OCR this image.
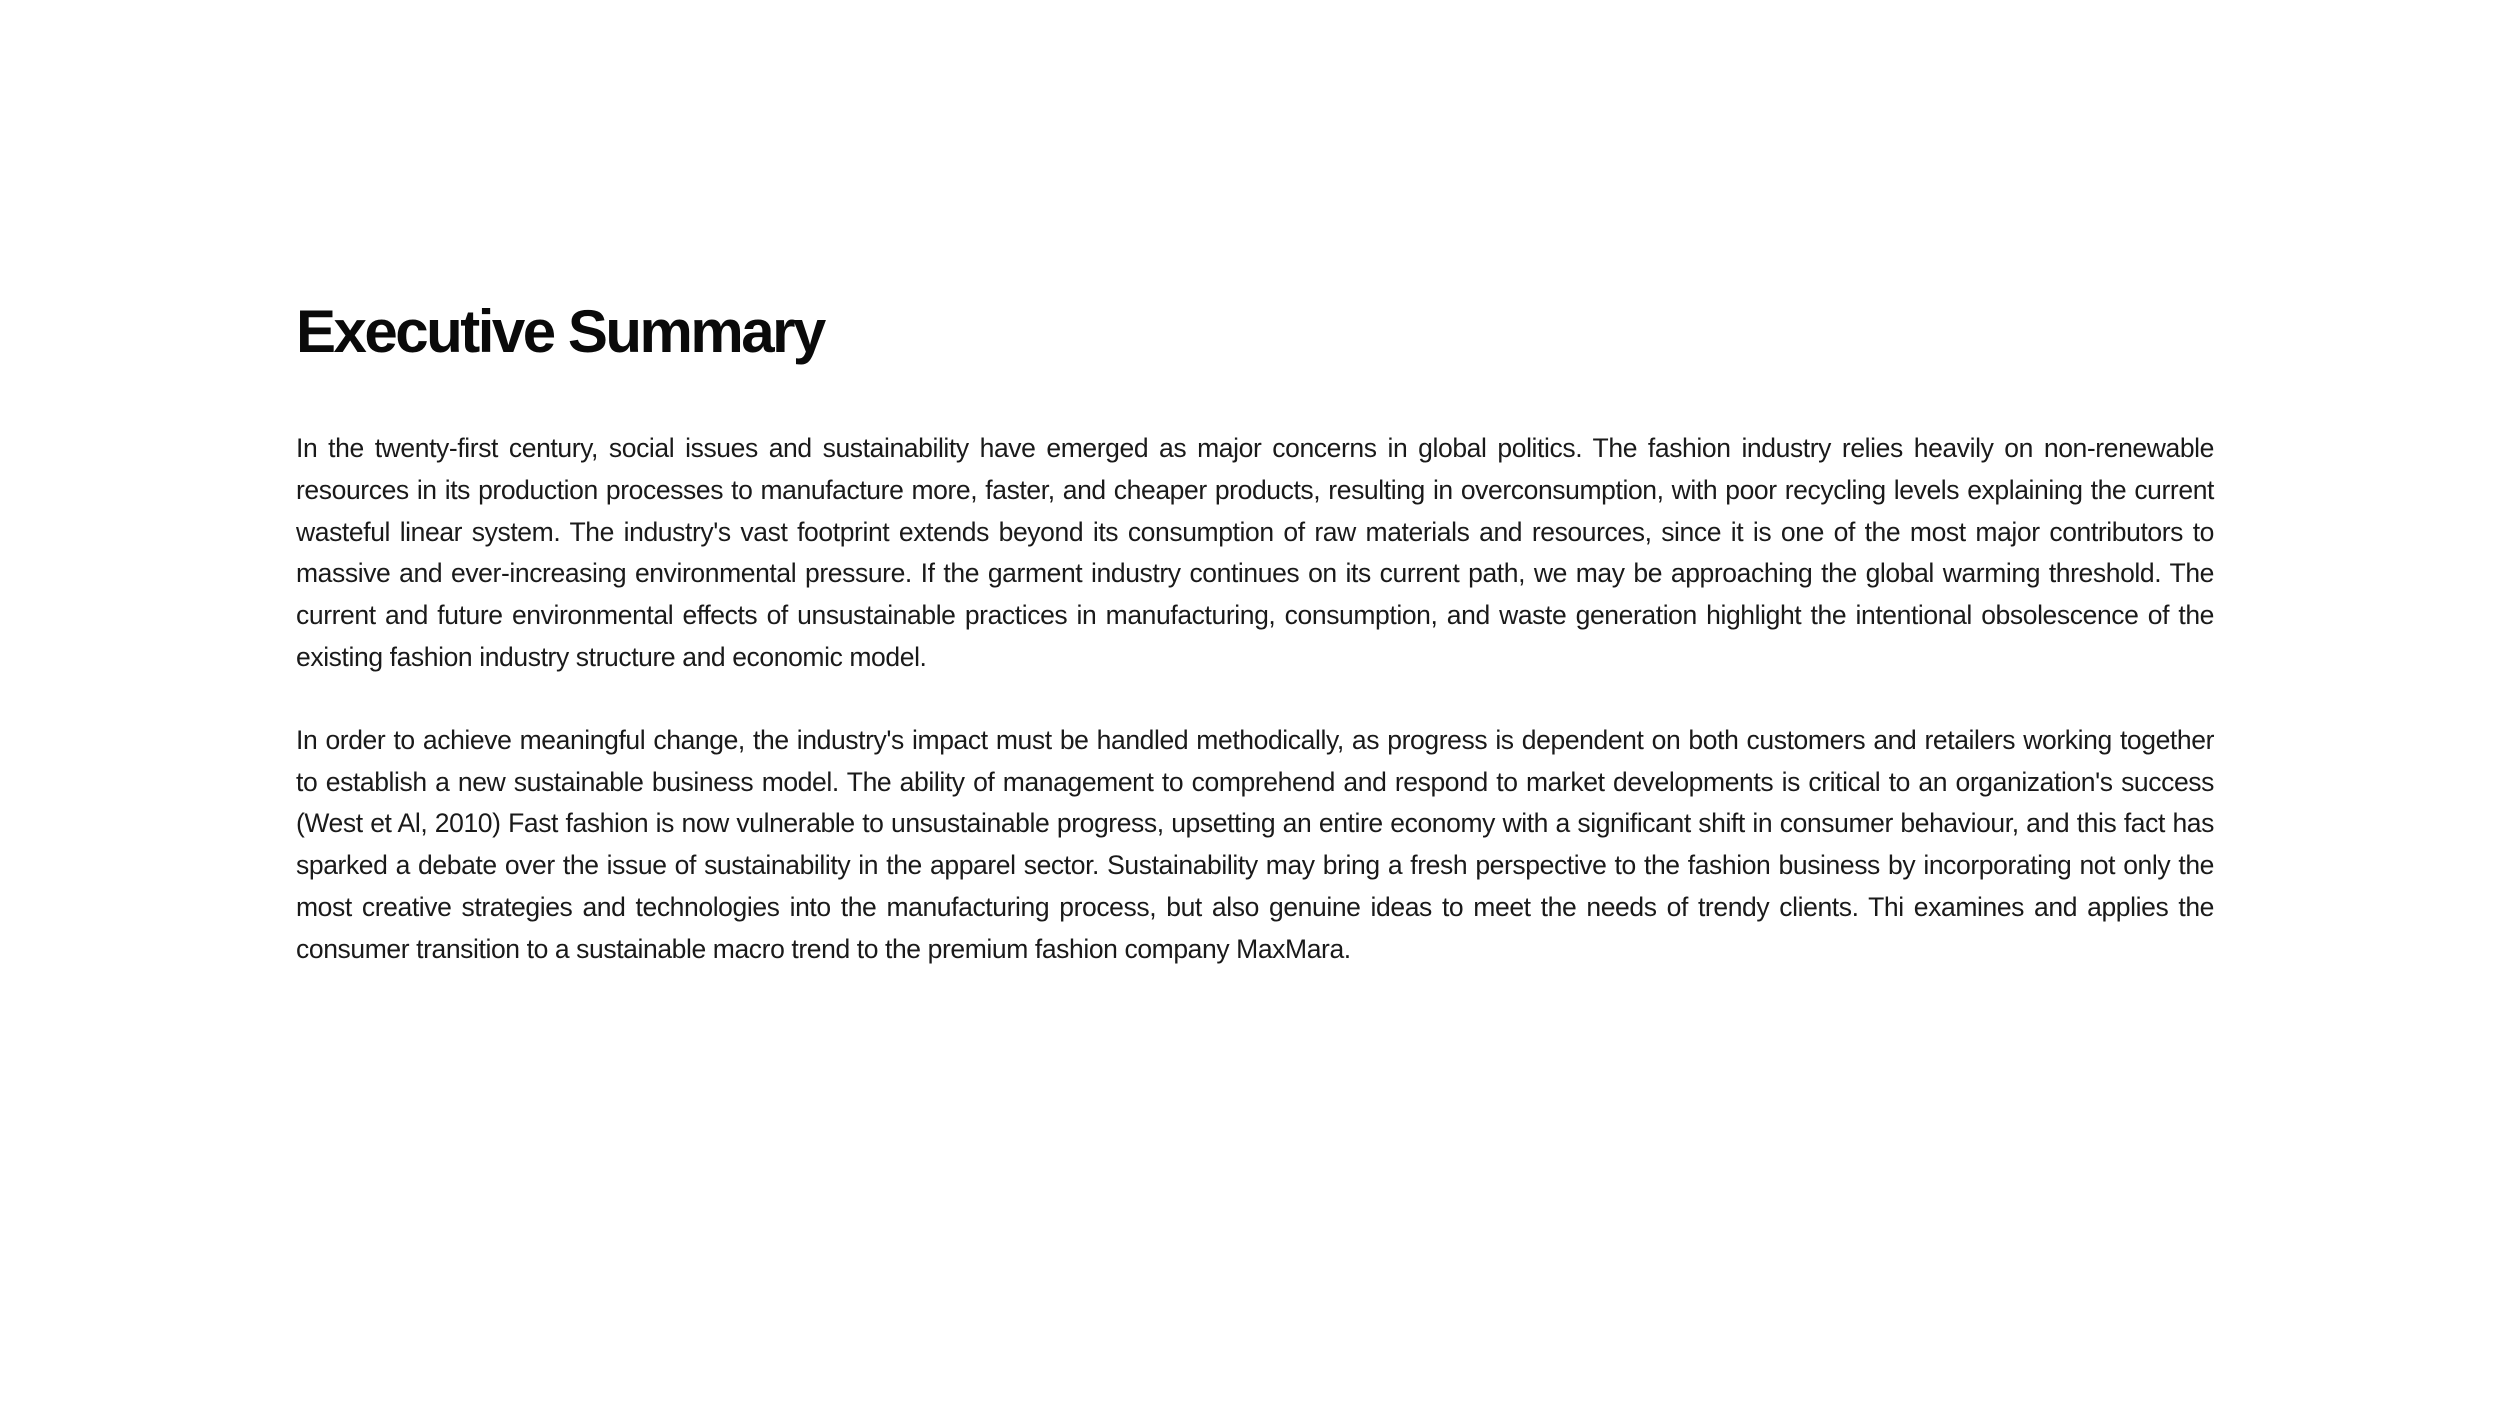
Executive Summary

In the twenty-first century, social issues and sustainability have emerged as major concerns in global politics. The fashion industry relies heavily on non-renewable resources in its production processes to manufacture more, faster, and cheaper products, resulting in overconsumption, with poor recycling levels explaining the current wasteful linear system. The industry's vast footprint extends beyond its consumption of raw materials and resources, since it is one of the most major contributors to massive and ever-increasing environmental pressure. If the garment industry continues on its current path, we may be approaching the global warming threshold. The current and future environmental effects of unsustainable practices in manufacturing, consumption, and waste generation highlight the intentional obsolescence of the existing fashion industry structure and economic model.

In order to achieve meaningful change, the industry's impact must be handled methodically, as progress is dependent on both customers and retailers working together to establish a new sustainable business model. The ability of management to comprehend and respond to market developments is critical to an organization's success (West et Al, 2010) Fast fashion is now vulnerable to unsustainable progress, upsetting an entire economy with a significant shift in consumer behaviour, and this fact has sparked a debate over the issue of sustainability in the apparel sector. Sustainability may bring a fresh perspective to the fashion business by incorporating not only the most creative strategies and technologies into the manufacturing process, but also genuine ideas to meet the needs of trendy clients. Thi examines and applies the consumer transition to a sustainable macro trend to the premium fashion company MaxMara.
